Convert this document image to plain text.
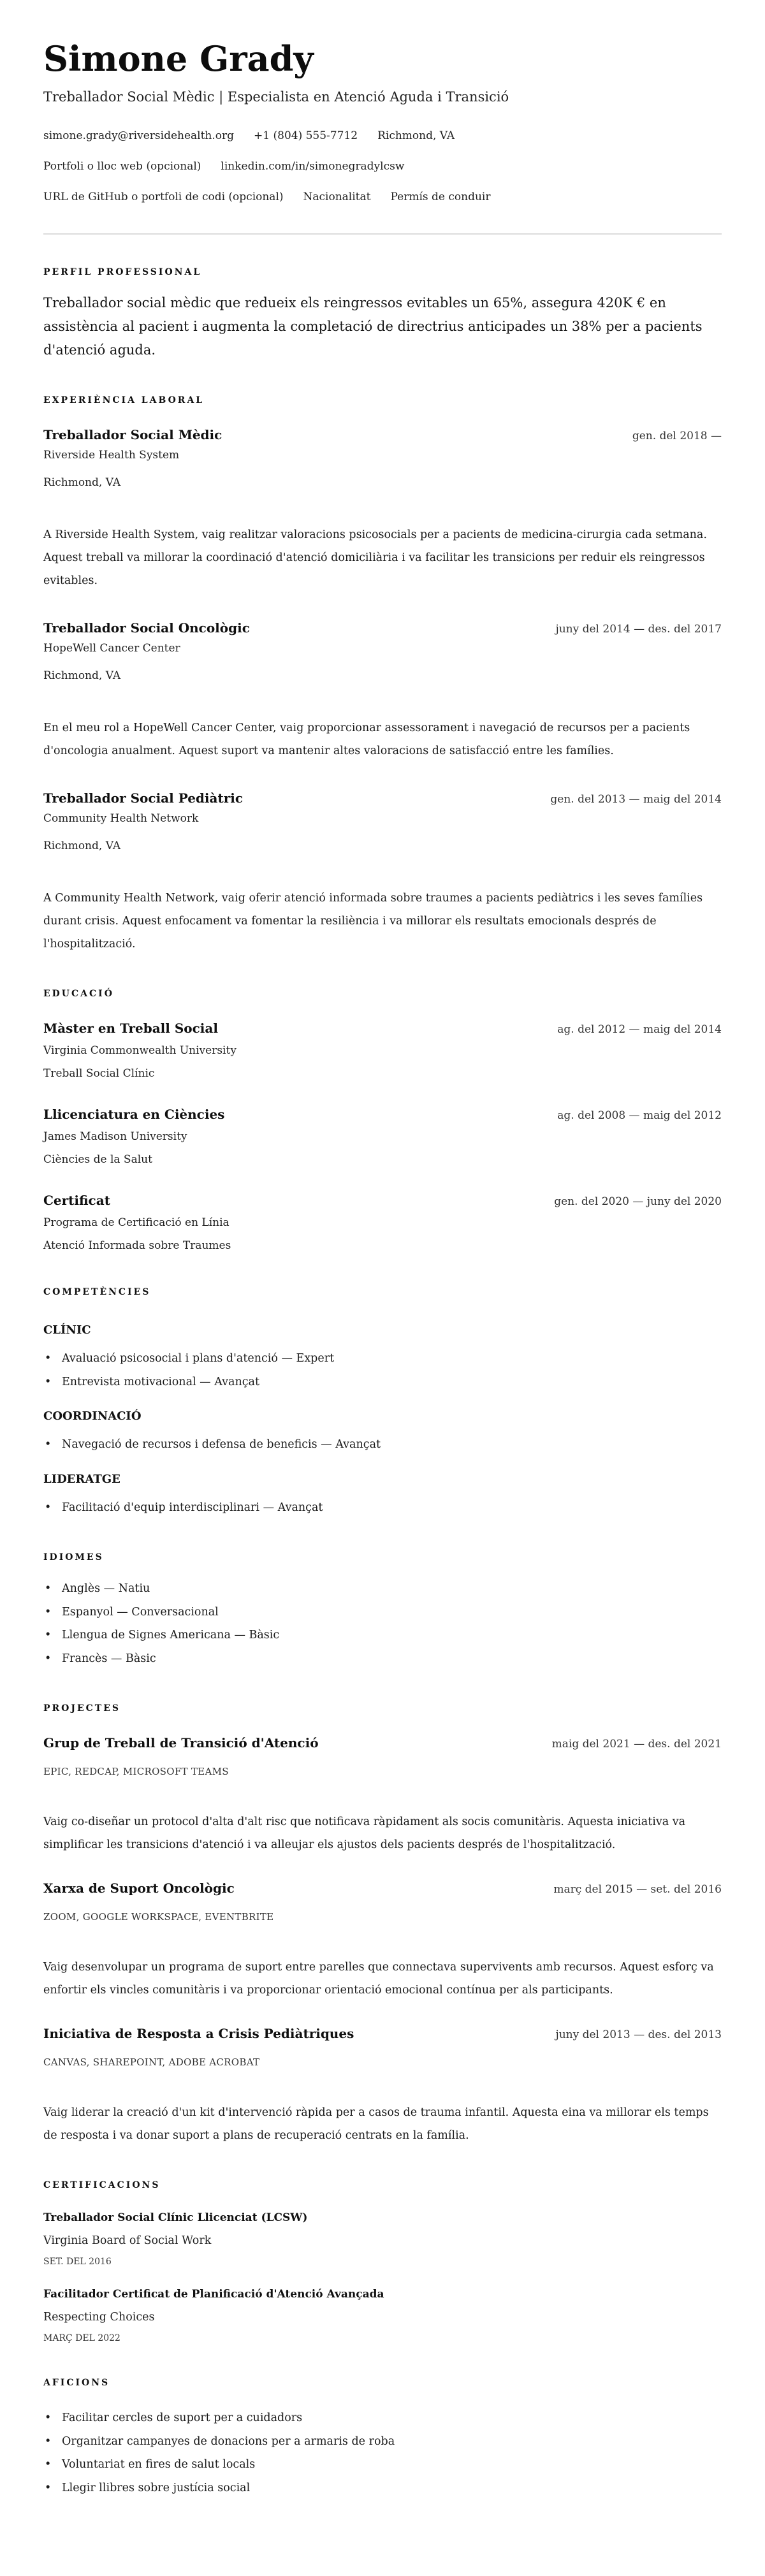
Simone Grady
Treballador Social Mèdic | Especialista en Atenció Aguda i Transició
simone.grady@riversidehealth.org +1 (804) 555-7712 Richmond, VA
Portfoli o lloc web (opcional) linkedin.com/in/simonegradylcsw
URL de GitHub o portfoli de codi (opcional) Nacionalitat Permís de conduir
PERFIL PROFESSIONAL
Treballador social mèdic que redueix els reingressos evitables un 65%, assegura 420K € en assistència al pacient i augmenta la completació de directrius anticipades un 38% per a pacients d'atenció aguda.
EXPERIÈNCIA LABORAL
Treballador Social Mèdic	gen. del 2018 —
Riverside Health System
Richmond, VA
A Riverside Health System, vaig realitzar valoracions psicosocials per a pacients de medicina-cirurgia cada setmana. Aquest treball va millorar la coordinació d'atenció domiciliària i va facilitar les transicions per reduir els reingressos evitables.
Treballador Social Oncològic	juny del 2014 — des. del 2017
HopeWell Cancer Center
Richmond, VA
En el meu rol a HopeWell Cancer Center, vaig proporcionar assessorament i navegació de recursos per a pacients d'oncologia anualment. Aquest suport va mantenir altes valoracions de satisfacció entre les famílies.
Treballador Social Pediàtric	gen. del 2013 — maig del 2014
Community Health Network
Richmond, VA
A Community Health Network, vaig oferir atenció informada sobre traumes a pacients pediàtrics i les seves famílies durant crisis. Aquest enfocament va fomentar la resiliència i va millorar els resultats emocionals després de l'hospitalització.
EDUCACIÓ
Màster en Treball Social	ag. del 2012 — maig del 2014
Virginia Commonwealth University
Treball Social Clínic
Llicenciatura en Ciències	ag. del 2008 — maig del 2012
James Madison University
Ciències de la Salut
Certificat	gen. del 2020 — juny del 2020
Programa de Certificació en Línia
Atenció Informada sobre Traumes
COMPETÈNCIES
CLÍNIC
• Avaluació psicosocial i plans d'atenció — Expert
• Entrevista motivacional — Avançat
COORDINACIÓ
• Navegació de recursos i defensa de beneficis — Avançat
LIDERATGE
• Facilitació d'equip interdisciplinari — Avançat
IDIOMES
• Anglès — Natiu
• Espanyol — Conversacional
• Llengua de Signes Americana — Bàsic
• Francès — Bàsic
PROJECTES
Grup de Treball de Transició d'Atenció	maig del 2021 — des. del 2021
EPIC, REDCAP, MICROSOFT TEAMS
Vaig co-diseñar un protocol d'alta d'alt risc que notificava ràpidament als socis comunitàris. Aquesta iniciativa va simplificar les transicions d'atenció i va alleujar els ajustos dels pacients després de l'hospitalització.
Xarxa de Suport Oncològic	març del 2015 — set. del 2016
ZOOM, GOOGLE WORKSPACE, EVENTBRITE
Vaig desenvolupar un programa de suport entre parelles que connectava supervivents amb recursos. Aquest esforç va enfortir els vincles comunitàris i va proporcionar orientació emocional contínua per als participants.
Iniciativa de Resposta a Crisis Pediàtriques	juny del 2013 — des. del 2013
CANVAS, SHAREPOINT, ADOBE ACROBAT
Vaig liderar la creació d'un kit d'intervenció ràpida per a casos de trauma infantil. Aquesta eina va millorar els temps de resposta i va donar suport a plans de recuperació centrats en la família.
CERTIFICACIONS
Treballador Social Clínic Llicenciat (LCSW)
Virginia Board of Social Work
SET. DEL 2016
Facilitador Certificat de Planificació d'Atenció Avançada
Respecting Choices
MARÇ DEL 2022
AFICIONS
• Facilitar cercles de suport per a cuidadors
• Organitzar campanyes de donacions per a armaris de roba
• Voluntariat en fires de salut locals
• Llegir llibres sobre justícia social
